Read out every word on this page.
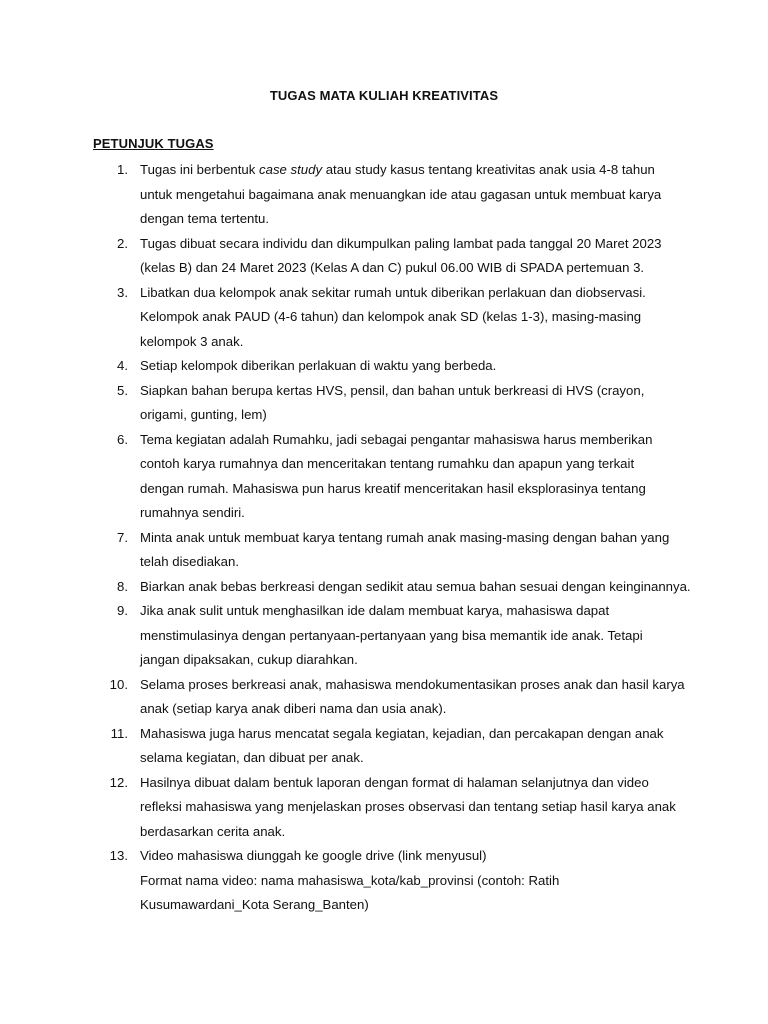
TUGAS MATA KULIAH KREATIVITAS
PETUNJUK TUGAS
1. Tugas ini berbentuk case study atau study kasus tentang kreativitas anak usia 4-8 tahun
untuk mengetahui bagaimana anak menuangkan ide atau gagasan untuk membuat karya
dengan tema tertentu.
2. Tugas dibuat secara individu dan dikumpulkan paling lambat pada tanggal 20 Maret 2023
(kelas B) dan 24 Maret 2023 (Kelas A dan C) pukul 06.00 WIB di SPADA pertemuan 3.
3. Libatkan dua kelompok anak sekitar rumah untuk diberikan perlakuan dan diobservasi.
Kelompok anak PAUD (4-6 tahun) dan kelompok anak SD (kelas 1-3), masing-masing
kelompok 3 anak.
4. Setiap kelompok diberikan perlakuan di waktu yang berbeda.
5. Siapkan bahan berupa kertas HVS, pensil, dan bahan untuk berkreasi di HVS (crayon,
origami, gunting, lem)
6. Tema kegiatan adalah Rumahku, jadi sebagai pengantar mahasiswa harus memberikan
contoh karya rumahnya dan menceritakan tentang rumahku dan apapun yang terkait
dengan rumah. Mahasiswa pun harus kreatif menceritakan hasil eksplorasinya tentang
rumahnya sendiri.
7. Minta anak untuk membuat karya tentang rumah anak masing-masing dengan bahan yang
telah disediakan.
8. Biarkan anak bebas berkreasi dengan sedikit atau semua bahan sesuai dengan keinginannya.
9. Jika anak sulit untuk menghasilkan ide dalam membuat karya, mahasiswa dapat
menstimulasinya dengan pertanyaan-pertanyaan yang bisa memantik ide anak. Tetapi
jangan dipaksakan, cukup diarahkan.
10. Selama proses berkreasi anak, mahasiswa mendokumentasikan proses anak dan hasil karya
anak (setiap karya anak diberi nama dan usia anak).
11. Mahasiswa juga harus mencatat segala kegiatan, kejadian, dan percakapan dengan anak
selama kegiatan, dan dibuat per anak.
12. Hasilnya dibuat dalam bentuk laporan dengan format di halaman selanjutnya dan video
refleksi mahasiswa yang menjelaskan proses observasi dan tentang setiap hasil karya anak
berdasarkan cerita anak.
13. Video mahasiswa diunggah ke google drive (link menyusul)
Format nama video: nama mahasiswa_kota/kab_provinsi (contoh: Ratih
Kusumawardani_Kota Serang_Banten)
